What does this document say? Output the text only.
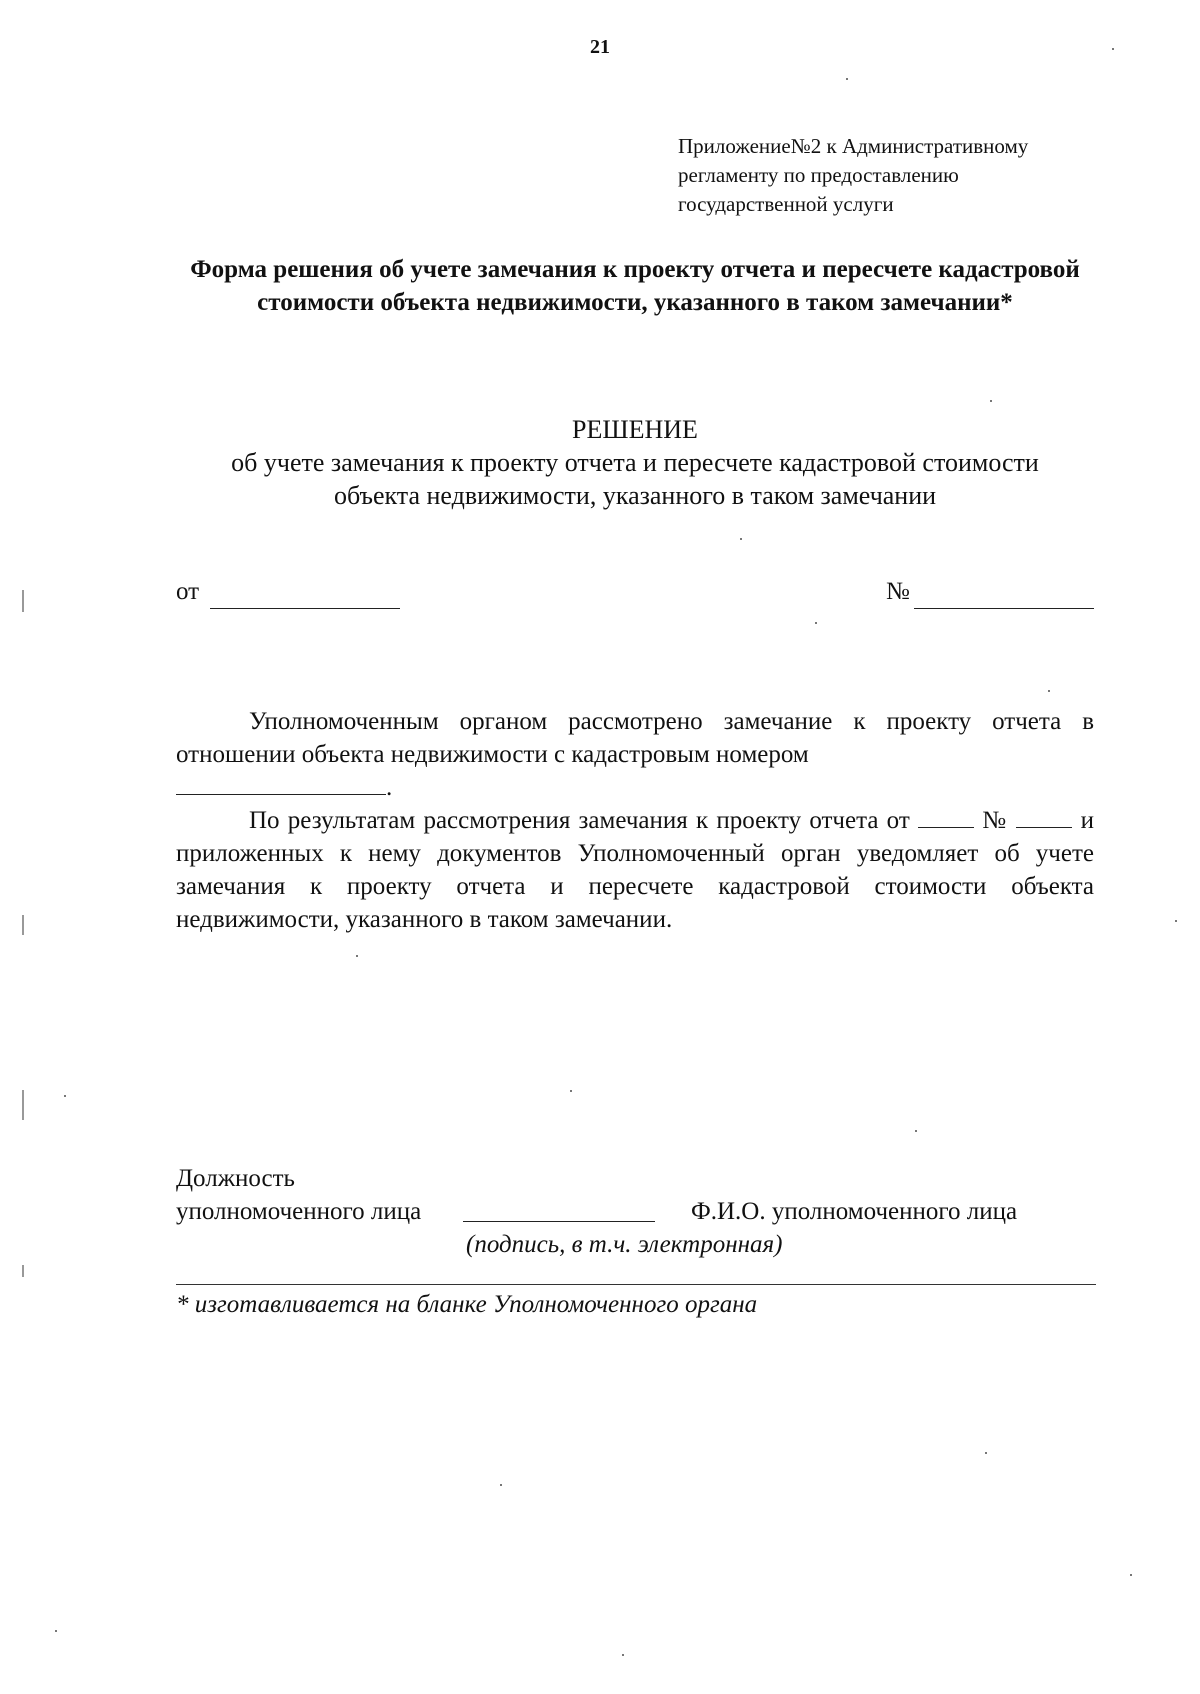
21
Приложение№2 к Административному
регламенту по предоставлению
государственной услуги
Форма решения об учете замечания к проекту отчета и пересчете кадастровой стоимости объекта недвижимости, указанного в таком замечании*
РЕШЕНИЕ
об учете замечания к проекту отчета и пересчете кадастровой стоимости
объекта недвижимости, указанного в таком замечании
от	№

Уполномоченным органом рассмотрено замечание к проекту отчета в отношении объекта недвижимости с кадастровым номером
.

По результатам рассмотрения замечания к проекту отчета от	№	и приложенных к нему документов Уполномоченный орган уведомляет об учете замечания к проекту отчета и пересчете кадастровой стоимости объекта недвижимости, указанного в таком замечании.

Должность
уполномоченного лица	Ф.И.О. уполномоченного лица
(подпись, в т.ч. электронная)
* изготавливается на бланке Уполномоченного органа
